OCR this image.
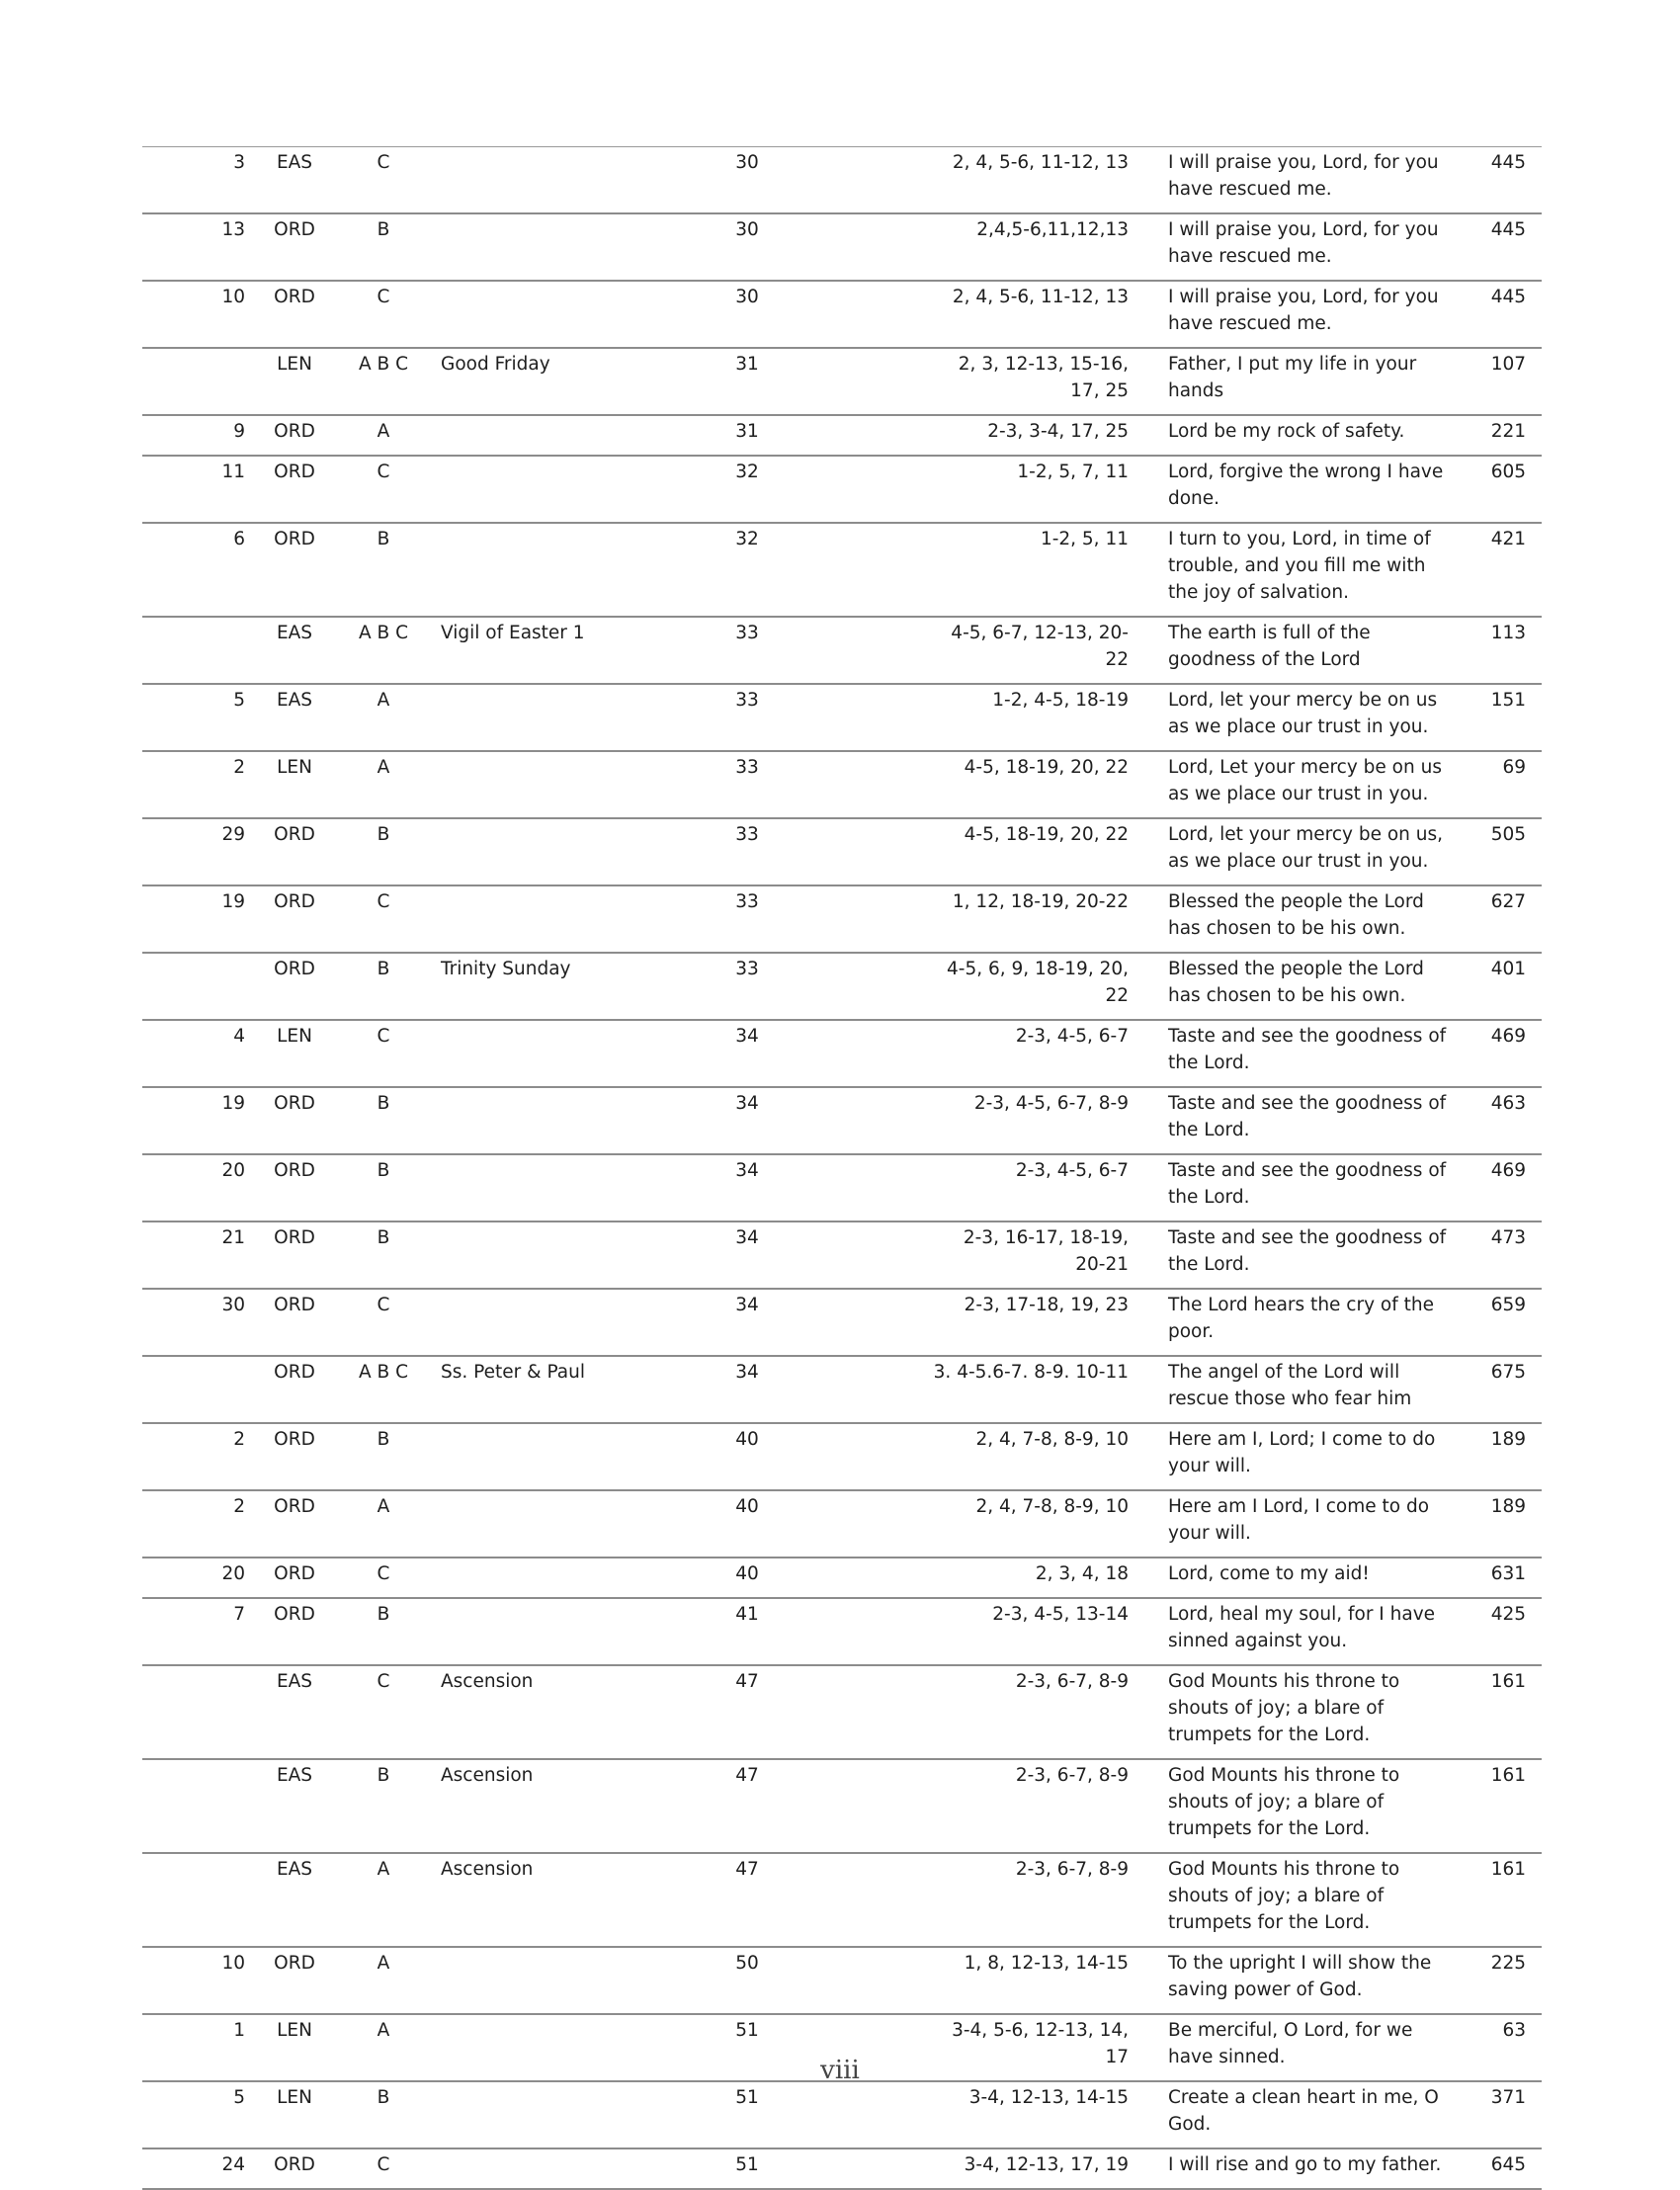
3	EAS	C		30	2, 4, 5-6, 11-12, 13	I will praise you, Lord, for you have rescued me.	445
13	ORD	B		30	2,4,5-6,11,12,13	I will praise you, Lord, for you have rescued me.	445
10	ORD	C		30	2, 4, 5-6, 11-12, 13	I will praise you, Lord, for you have rescued me.	445
	LEN	A B C	Good Friday	31	2, 3, 12-13, 15-16, 17, 25	Father, I put my life in your hands	107
9	ORD	A		31	2-3, 3-4, 17, 25	Lord be my rock of safety.	221
11	ORD	C		32	1-2, 5, 7, 11	Lord, forgive the wrong I have done.	605
6	ORD	B		32	1-2, 5, 11	I turn to you, Lord, in time of trouble, and you fill me with the joy of salvation.	421
	EAS	A B C	Vigil of Easter 1	33	4-5, 6-7, 12-13, 20-22	The earth is full of the goodness of the Lord	113
5	EAS	A		33	1-2, 4-5, 18-19	Lord, let your mercy be on us as we place our trust in you.	151
2	LEN	A		33	4-5, 18-19, 20, 22	Lord, Let your mercy be on us as we place our trust in you.	69
29	ORD	B		33	4-5, 18-19, 20, 22	Lord, let your mercy be on us, as we place our trust in you.	505
19	ORD	C		33	1, 12, 18-19, 20-22	Blessed the people the Lord has chosen to be his own.	627
	ORD	B	Trinity Sunday	33	4-5, 6, 9, 18-19, 20, 22	Blessed the people the Lord has chosen to be his own.	401
4	LEN	C		34	2-3, 4-5, 6-7	Taste and see the goodness of the Lord.	469
19	ORD	B		34	2-3, 4-5, 6-7, 8-9	Taste and see the goodness of the Lord.	463
20	ORD	B		34	2-3, 4-5, 6-7	Taste and see the goodness of the Lord.	469
21	ORD	B		34	2-3, 16-17, 18-19, 20-21	Taste and see the goodness of the Lord.	473
30	ORD	C		34	2-3, 17-18, 19, 23	The Lord hears the cry of the poor.	659
	ORD	A B C	Ss. Peter & Paul	34	3. 4-5.6-7. 8-9. 10-11	The angel of the Lord will rescue those who fear him	675
2	ORD	B		40	2, 4, 7-8, 8-9, 10	Here am I, Lord; I come to do your will.	189
2	ORD	A		40	2, 4, 7-8, 8-9, 10	Here am I Lord, I come to do your will.	189
20	ORD	C		40	2, 3, 4, 18	Lord, come to my aid!	631
7	ORD	B		41	2-3, 4-5, 13-14	Lord, heal my soul, for I have sinned against you.	425
	EAS	C	Ascension	47	2-3, 6-7, 8-9	God Mounts his throne to shouts of joy; a blare of trumpets for the Lord.	161
	EAS	B	Ascension	47	2-3, 6-7, 8-9	God Mounts his throne to shouts of joy; a blare of trumpets for the Lord.	161
	EAS	A	Ascension	47	2-3, 6-7, 8-9	God Mounts his throne to shouts of joy; a blare of trumpets for the Lord.	161
10	ORD	A		50	1, 8, 12-13, 14-15	To the upright I will show the saving power of God.	225
1	LEN	A		51	3-4, 5-6, 12-13, 14, 17	Be merciful, O Lord, for we have sinned.	63
5	LEN	B		51	3-4, 12-13, 14-15	Create a clean heart in me, O God.	371
24	ORD	C		51	3-4, 12-13, 17, 19	I will rise and go to my father.	645
viii
